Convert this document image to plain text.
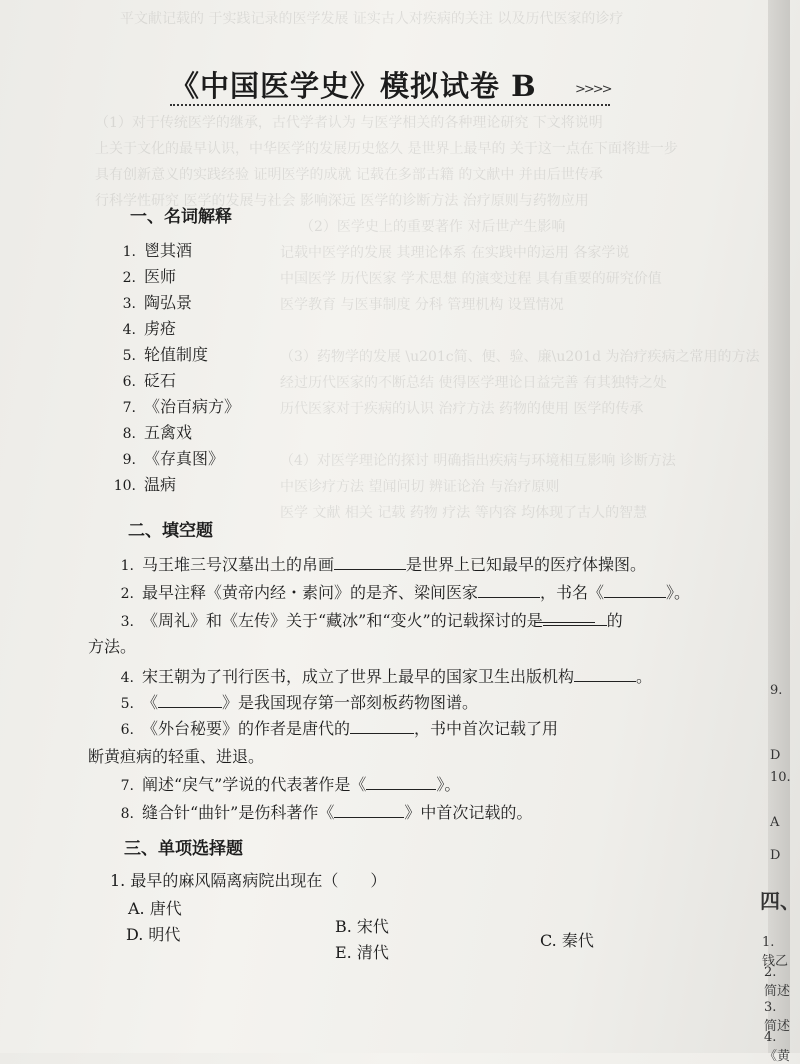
平文献记载的 于实践记录的医学发展 证实古人对疾病的关注 以及历代医家的诊疗
（1）对于传统医学的继承，古代学者认为 与医学相关的各种理论研究 下文将说明
上关于文化的最早认识，中华医学的发展历史悠久 是世界上最早的 关于这一点在下面将进一步
具有创新意义的实践经验 证明医学的成就 记载在多部古籍 的文献中 并由后世传承
行科学性研究 医学的发展与社会 影响深远 医学的诊断方法 治疗原则与药物应用
（2）医学史上的重要著作 对后世产生影响
记载中医学的发展 其理论体系 在实践中的运用 各家学说
中国医学 历代医家 学术思想 的演变过程 具有重要的研究价值
医学教育 与医事制度 分科 管理机构 设置情况
（3）药物学的发展 \u201c简、便、验、廉\u201d 为治疗疾病之常用的方法
经过历代医家的不断总结 使得医学理论日益完善 有其独特之处
历代医家对于疾病的认识 治疗方法 药物的使用 医学的传承
（4）对医学理论的探讨 明确指出疾病与环境相互影响 诊断方法
中医诊疗方法 望闻问切 辨证论治 与治疗原则
医学 文献 相关 记载 药物 疗法 等内容 均体现了古人的智慧
9.
D
10.
A
D
四、
1. 钱乙
2. 简述
3. 简述
4.《黄
《中国医学史》模拟试卷 B	>>>>
一、名词解释
1. 鬯其酒
2. 医师
3. 陶弘景
4. 虏疮
5. 轮值制度
6. 砭石
7. 《治百病方》
8. 五禽戏
9. 《存真图》
10. 温病
二、填空题
1. 马王堆三号汉墓出土的帛画	是世界上已知最早的医疗体操图。
2. 最早注释《黄帝内经・素问》的是齐、梁间医家	，书名《	》。
3. 《周礼》和《左传》关于“藏冰”和“变火”的记载探讨的是	的
方法。
4. 宋王朝为了刊行医书，成立了世界上最早的国家卫生出版机构	。
5. 《	》是我国现存第一部刻板药物图谱。
6. 《外台秘要》的作者是唐代的	，书中首次记载了用
断黄疸病的轻重、进退。
7. 阐述“戾气”学说的代表著作是《	》。
8. 缝合针“曲针”是伤科著作《	》中首次记载的。
三、单项选择题
1. 最早的麻风隔离病院出现在（　　）
A. 唐代
B. 宋代
C. 秦代
D. 明代
E. 清代
